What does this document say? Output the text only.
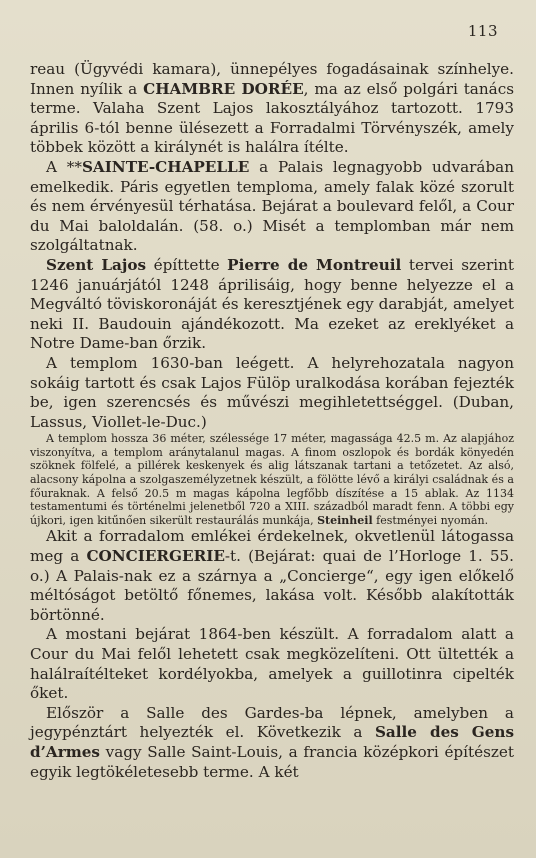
113

reau (Ügyvédi kamara), ünnepélyes fogadásainak színhelye. Innen nyílik a CHAMBRE DORÉE, ma az első polgári tanács terme. Valaha Szent Lajos lakosztályához tartozott. 1793 április 6-tól benne ülésezett a Forradalmi Törvényszék, amely többek között a királynét is halálra ítélte.

A **SAINTE-CHAPELLE a Palais legnagyobb udvarában emelkedik. Páris egyetlen temploma, amely falak közé szorult és nem érvényesül térhatása. Bejárat a boulevard felől, a Cour du Mai baloldalán. (58. o.) Misét a templomban már nem szolgáltatnak.

Szent Lajos építtette Pierre de Montreuil tervei szerint 1246 januárjától 1248 áprilisáig, hogy benne helyezze el a Megváltó töviskoronáját és keresztjének egy darabját, amelyet neki II. Baudouin ajándékozott. Ma ezeket az ereklyéket a Notre Dame-ban őrzik.

A templom 1630-ban leégett. A helyrehozatala nagyon sokáig tartott és csak Lajos Fülöp uralkodása korában fejezték be, igen szerencsés és művészi megihletettséggel. (Duban, Lassus, Viollet-le-Duc.)

A templom hossza 36 méter, szélessége 17 méter, magassága 42.5 m. Az alapjához viszonyítva, a templom aránytalanul magas. A finom oszlopok és bordák könyedén szöknek fölfelé, a pillérek keskenyek és alig látszanak tartani a tetőzetet. Az alsó, alacsony kápolna a szolgaszemélyzetnek készült, a fölötte lévő a királyi családnak és a főuraknak. A felső 20.5 m magas kápolna legfőbb díszítése a 15 ablak. Az 1134 testamentumi és történelmi jelenetből 720 a XIII. századból maradt fenn. A többi egy újkori, igen kitűnően sikerült restaurálás munkája, Steinheil festményei nyomán.

Akit a forradalom emlékei érdekelnek, okvetlenül látogassa meg a CONCIERGERIE-t. (Bejárat: quai de l’Horloge 1. 55. o.) A Palais-nak ez a szárnya a „Concierge“, egy igen előkelő méltóságot betöltő főnemes, lakása volt. Később alakították börtönné.

A mostani bejárat 1864-ben készült. A forradalom alatt a Cour du Mai felől lehetett csak megközelíteni. Ott ültették a halálraítélteket kordélyokba, amelyek a guillotinra cipelték őket.

Először a Salle des Gardes-ba lépnek, amelyben a jegypénztárt helyezték el. Következik a Salle des Gens d’Armes vagy Salle Saint-Louis, a francia középkori építészet egyik legtökéletesebb terme. A két
